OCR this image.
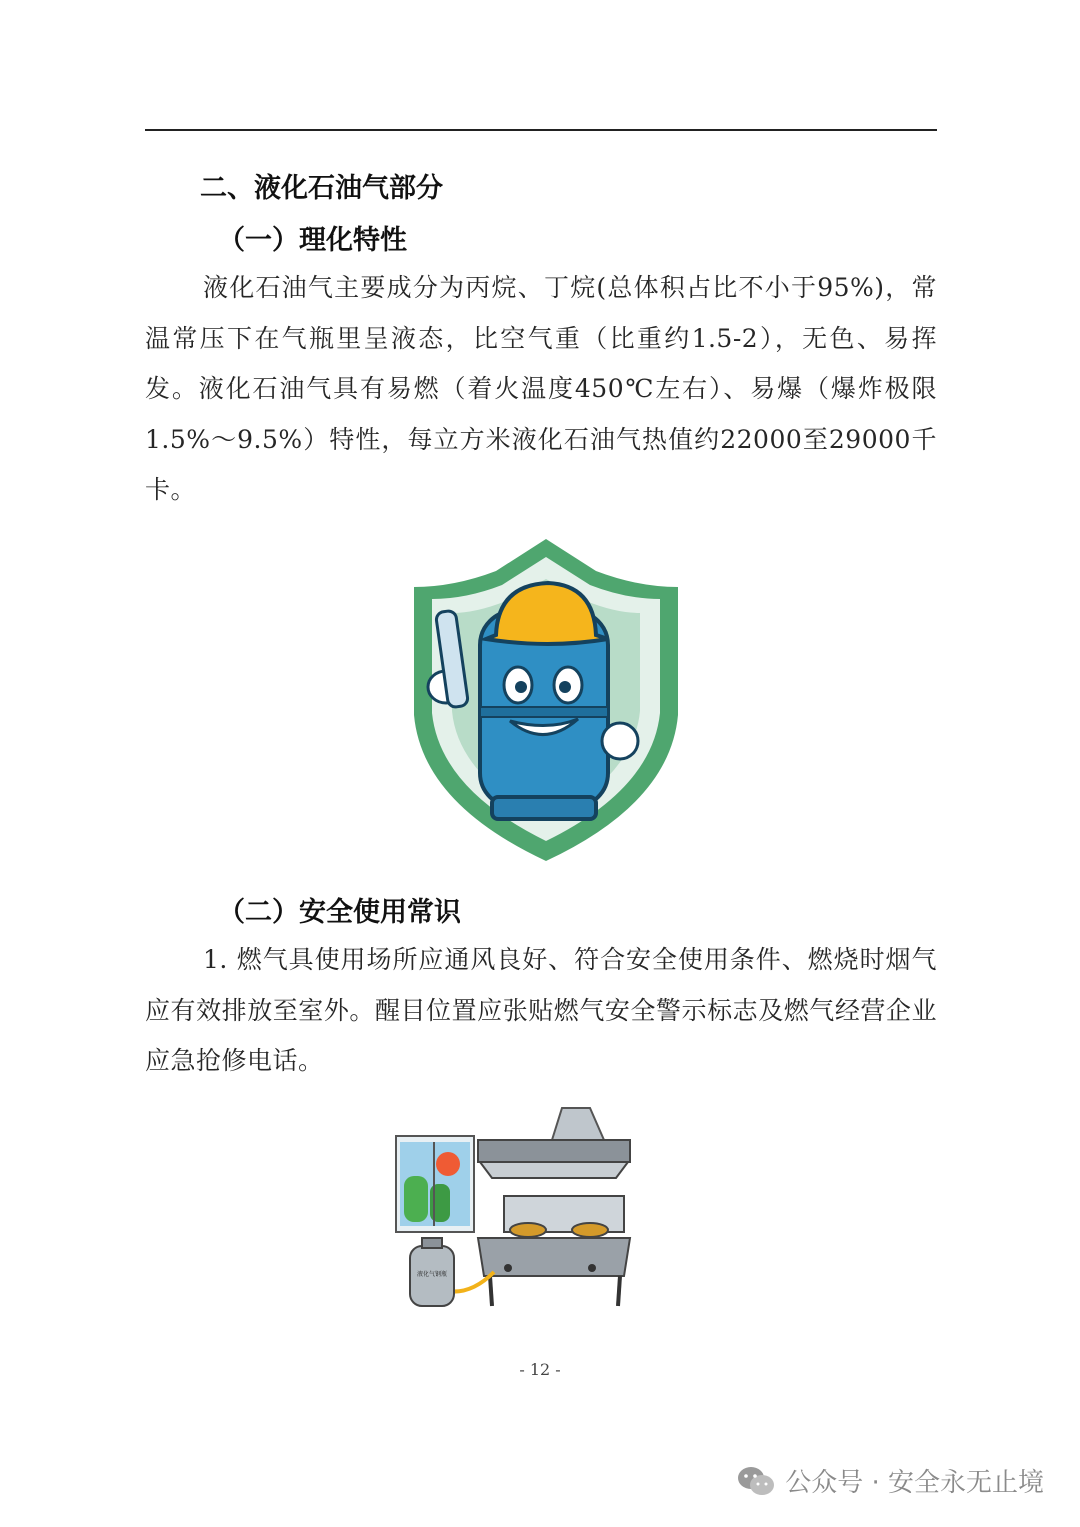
二、液化石油气部分
（一）理化特性
液化石油气主要成分为丙烷、丁烷(总体积占比不小于95%)，常温常压下在气瓶里呈液态，比空气重（比重约1.5-2），无色、易挥发。液化石油气具有易燃（着火温度450℃左右）、易爆（爆炸极限1.5%～9.5%）特性，每立方米液化石油气热值约22000至29000千卡。
（二）安全使用常识
1. 燃气具使用场所应通风良好、符合安全使用条件、燃烧时烟气应有效排放至室外。醒目位置应张贴燃气安全警示标志及燃气经营企业应急抢修电话。
液化气钢瓶
- 12 -
公众号 · 安全永无止境
